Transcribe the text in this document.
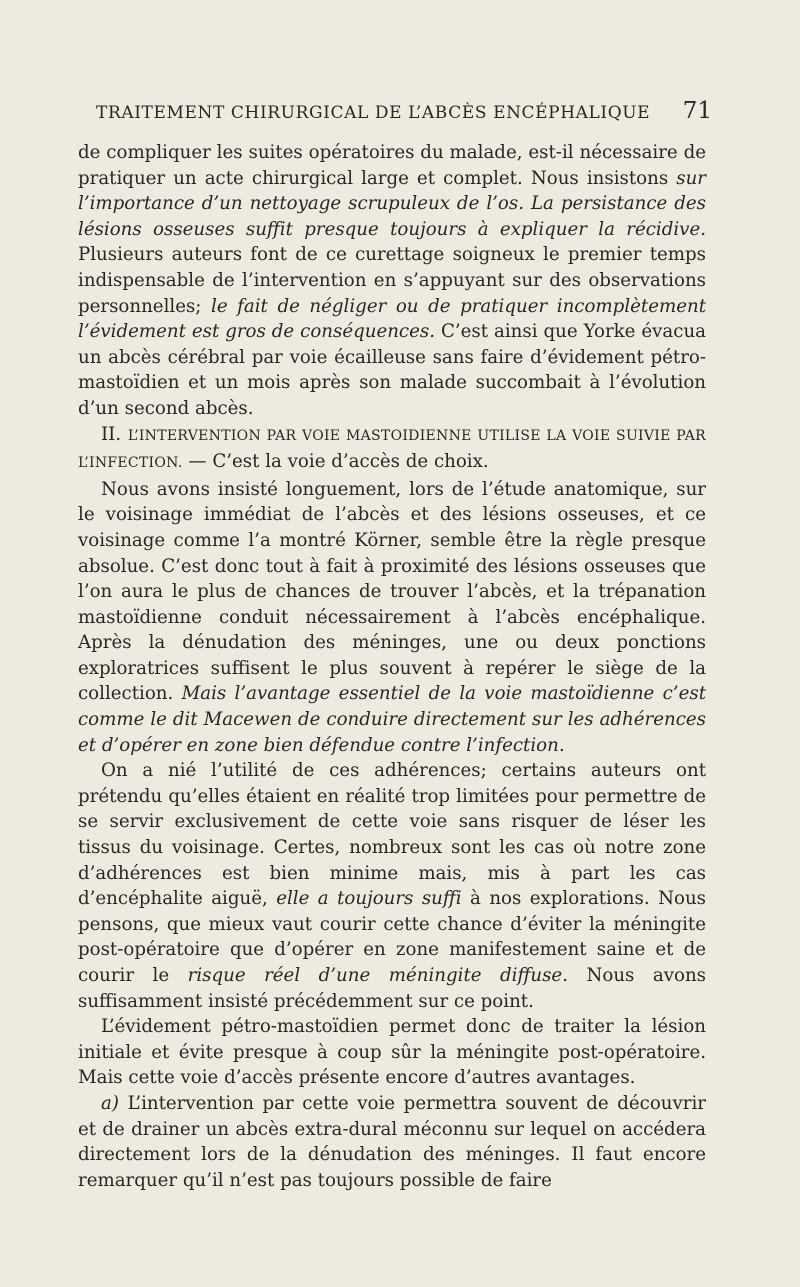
TRAITEMENT CHIRURGICAL DE L’ABCÈS ENCÉPHALIQUE 71

de compliquer les suites opératoires du malade, est-il nécessaire de pratiquer un acte chirurgical large et complet. Nous insistons sur l’importance d’un nettoyage scrupuleux de l’os. La persistance des lésions osseuses suffit presque toujours à expliquer la récidive. Plusieurs auteurs font de ce curettage soigneux le premier temps indispensable de l’intervention en s’appuyant sur des observations personnelles; le fait de négliger ou de pratiquer incomplètement l’évidement est gros de conséquences. C’est ainsi que Yorke évacua un abcès cérébral par voie écailleuse sans faire d’évidement pétro-mastoïdien et un mois après son malade succombait à l’évolution d’un second abcès.

II. L’INTERVENTION PAR VOIE MASTOIDIENNE UTILISE LA VOIE SUIVIE PAR L’INFECTION. — C’est la voie d’accès de choix.

Nous avons insisté longuement, lors de l’étude anatomique, sur le voisinage immédiat de l’abcès et des lésions osseuses, et ce voisinage comme l’a montré Körner, semble être la règle presque absolue. C’est donc tout à fait à proximité des lésions osseuses que l’on aura le plus de chances de trouver l’abcès, et la trépanation mastoïdienne conduit nécessairement à l’abcès encéphalique. Après la dénudation des méninges, une ou deux ponctions exploratrices suffisent le plus souvent à repérer le siège de la collection. Mais l’avantage essentiel de la voie mastoïdienne c’est comme le dit Macewen de conduire directement sur les adhérences et d’opérer en zone bien défendue contre l’infection.

On a nié l’utilité de ces adhérences; certains auteurs ont prétendu qu’elles étaient en réalité trop limitées pour permettre de se servir exclusivement de cette voie sans risquer de léser les tissus du voisinage. Certes, nombreux sont les cas où notre zone d’adhérences est bien minime mais, mis à part les cas d’encéphalite aiguë, elle a toujours suffi à nos explorations. Nous pensons, que mieux vaut courir cette chance d’éviter la méningite post-opératoire que d’opérer en zone manifestement saine et de courir le risque réel d’une méningite diffuse. Nous avons suffisamment insisté précédemment sur ce point.

L’évidement pétro-mastoïdien permet donc de traiter la lésion initiale et évite presque à coup sûr la méningite post-opératoire. Mais cette voie d’accès présente encore d’autres avantages.

a) L’intervention par cette voie permettra souvent de découvrir et de drainer un abcès extra-dural méconnu sur lequel on accédera directement lors de la dénudation des méninges. Il faut encore remarquer qu’il n’est pas toujours possible de faire
